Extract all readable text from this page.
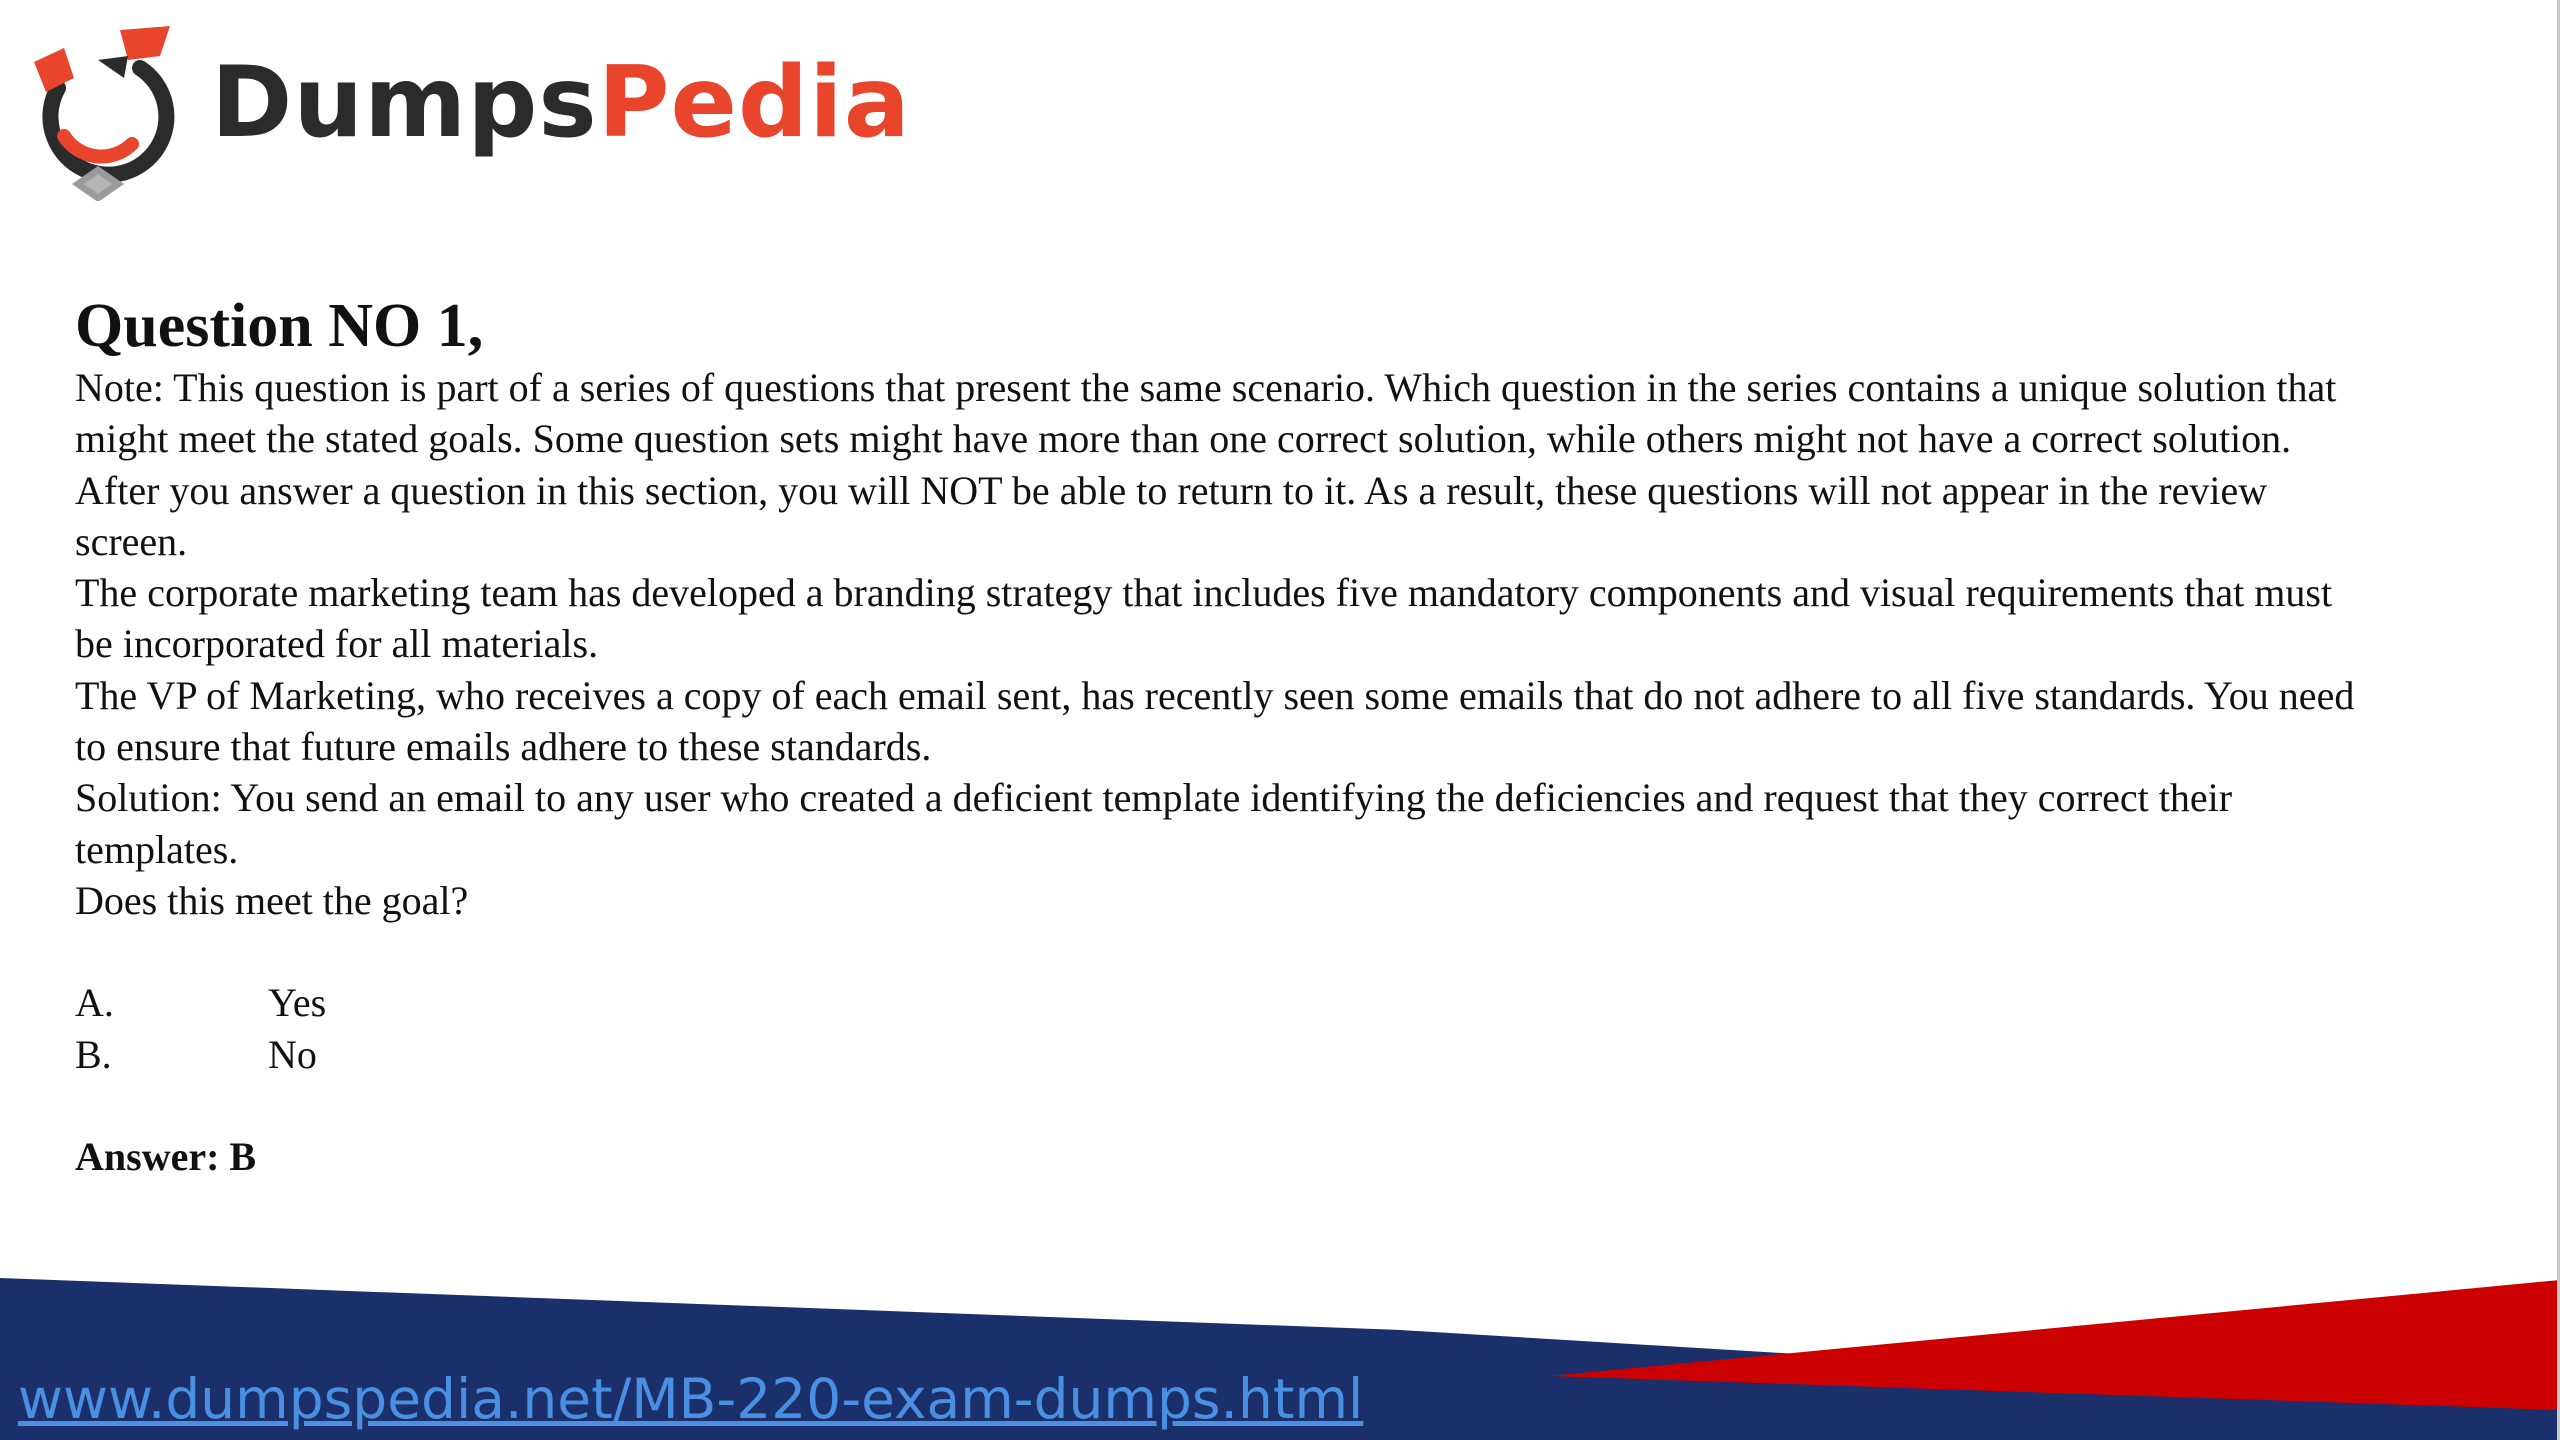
DumpsPedia
Question NO 1,

Note: This question is part of a series of questions that present the same scenario. Which question in the series contains a unique solution that might meet the stated goals. Some question sets might have more than one correct solution, while others might not have a correct solution.

After you answer a question in this section, you will NOT be able to return to it. As a result, these questions will not appear in the review screen.

The corporate marketing team has developed a branding strategy that includes five mandatory components and visual requirements that must be incorporated for all materials.

The VP of Marketing, who receives a copy of each email sent, has recently seen some emails that do not adhere to all five standards. You need to ensure that future emails adhere to these standards.

Solution: You send an email to any user who created a deficient template identifying the deficiencies and request that they correct their templates.

Does this meet the goal?

A.	Yes
B.	No
Answer: B
www.dumpspedia.net/MB-220-exam-dumps.html
